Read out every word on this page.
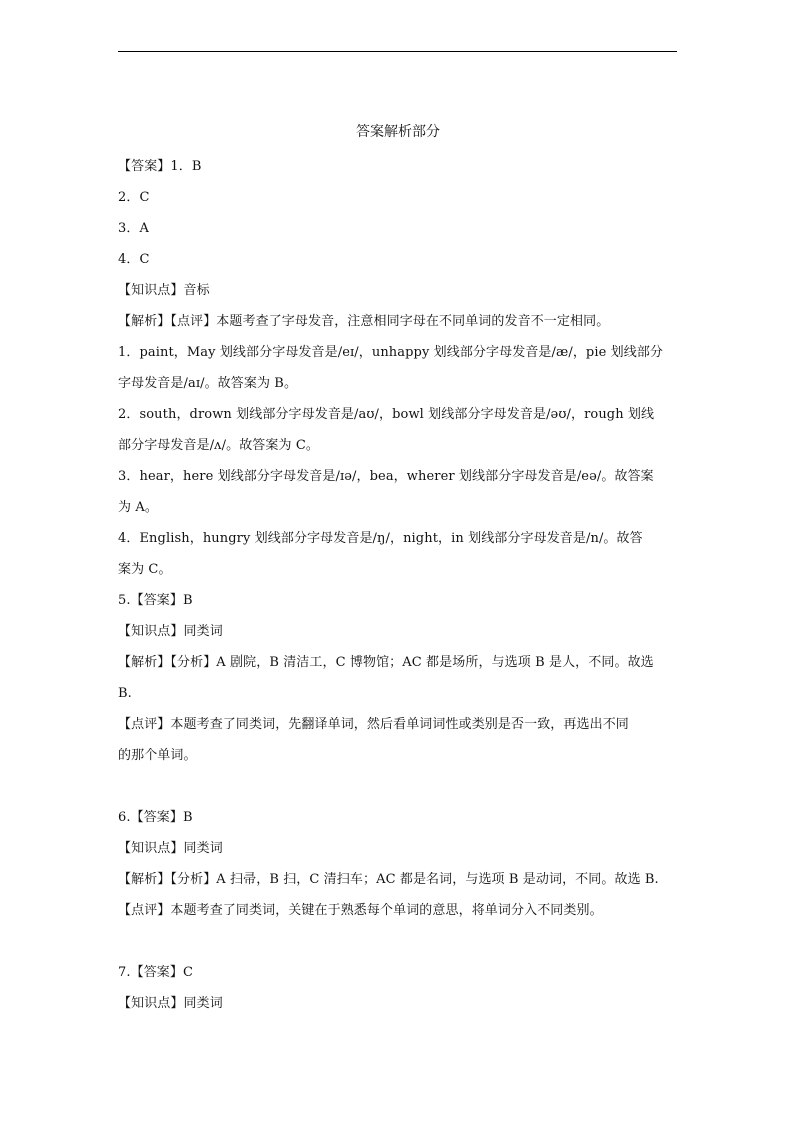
答案解析部分
【答案】1．B
2．C
3．A
4．C
【知识点】音标
【解析】【点评】本题考查了字母发音，注意相同字母在不同单词的发音不一定相同。
1．paint，May 划线部分字母发音是/eɪ/，unhappy 划线部分字母发音是/æ/，pie 划线部分
字母发音是/aɪ/。故答案为 B。
2．south，drown 划线部分字母发音是/aʊ/，bowl 划线部分字母发音是/əʊ/，rough 划线
部分字母发音是/ʌ/。故答案为 C。
3．hear，here 划线部分字母发音是/ɪə/，bea，wherer 划线部分字母发音是/eə/。故答案
为 A。
4．English，hungry 划线部分字母发音是/ŋ/，night，in 划线部分字母发音是/n/。故答
案为 C。
5.【答案】B
【知识点】同类词
【解析】【分析】A 剧院，B 清洁工，C 博物馆；AC 都是场所，与选项 B 是人，不同。故选
B.
【点评】本题考查了同类词，先翻译单词，然后看单词词性或类别是否一致，再选出不同
的那个单词。
6.【答案】B
【知识点】同类词
【解析】【分析】A 扫帚，B 扫，C 清扫车；AC 都是名词，与选项 B 是动词，不同。故选 B.
【点评】本题考查了同类词，关键在于熟悉每个单词的意思，将单词分入不同类别。
7.【答案】C
【知识点】同类词
